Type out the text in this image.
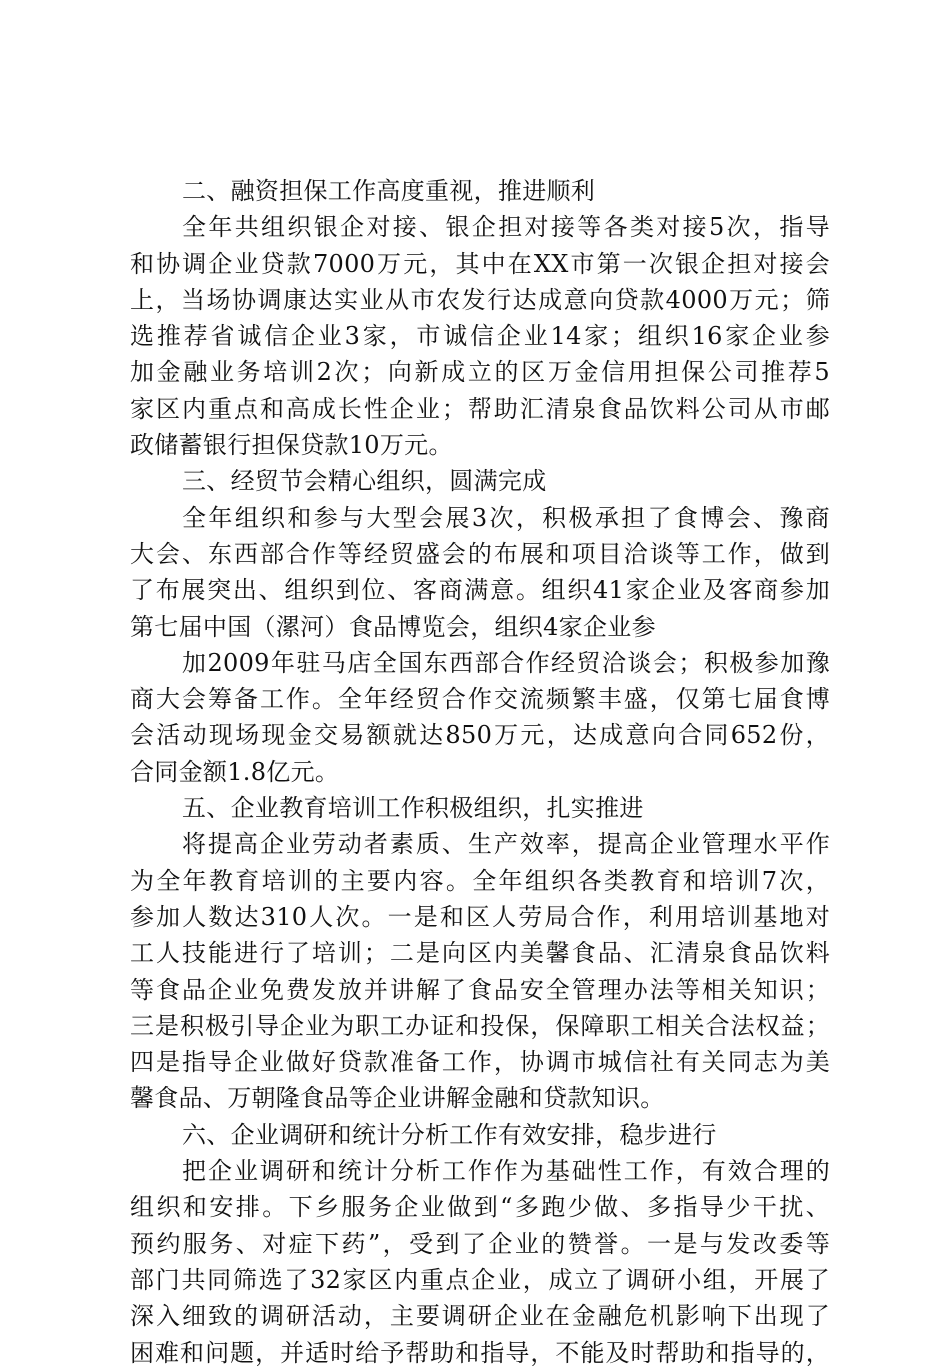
二、融资担保工作高度重视，推进顺利
全年共组织银企对接、银企担对接等各类对接5次，指导
和协调企业贷款7000万元，其中在XX市第一次银企担对接会
上，当场协调康达实业从市农发行达成意向贷款4000万元；筛
选推荐省诚信企业3家，市诚信企业14家；组织16家企业参
加金融业务培训2次；向新成立的区万金信用担保公司推荐5
家区内重点和高成长性企业；帮助汇清泉食品饮料公司从市邮
政储蓄银行担保贷款10万元。
三、经贸节会精心组织，圆满完成
全年组织和参与大型会展3次，积极承担了食博会、豫商
大会、东西部合作等经贸盛会的布展和项目洽谈等工作，做到
了布展突出、组织到位、客商满意。组织41家企业及客商参加
第七届中国（漯河）食品博览会，组织4家企业参
加2009年驻马店全国东西部合作经贸洽谈会；积极参加豫
商大会筹备工作。全年经贸合作交流频繁丰盛，仅第七届食博
会活动现场现金交易额就达850万元，达成意向合同652份，
合同金额1.8亿元。
五、企业教育培训工作积极组织，扎实推进
将提高企业劳动者素质、生产效率，提高企业管理水平作
为全年教育培训的主要内容。全年组织各类教育和培训7次，
参加人数达310人次。一是和区人劳局合作，利用培训基地对
工人技能进行了培训；二是向区内美馨食品、汇清泉食品饮料
等食品企业免费发放并讲解了食品安全管理办法等相关知识；
三是积极引导企业为职工办证和投保，保障职工相关合法权益；
四是指导企业做好贷款准备工作，协调市城信社有关同志为美
馨食品、万朝隆食品等企业讲解金融和贷款知识。
六、企业调研和统计分析工作有效安排，稳步进行
把企业调研和统计分析工作作为基础性工作，有效合理的
组织和安排。下乡服务企业做到“多跑少做、多指导少干扰、
预约服务、对症下药”，受到了企业的赞誉。一是与发改委等
部门共同筛选了32家区内重点企业，成立了调研小组，开展了
深入细致的调研活动，主要调研企业在金融危机影响下出现了
困难和问题，并适时给予帮助和指导，不能及时帮助和指导的，
